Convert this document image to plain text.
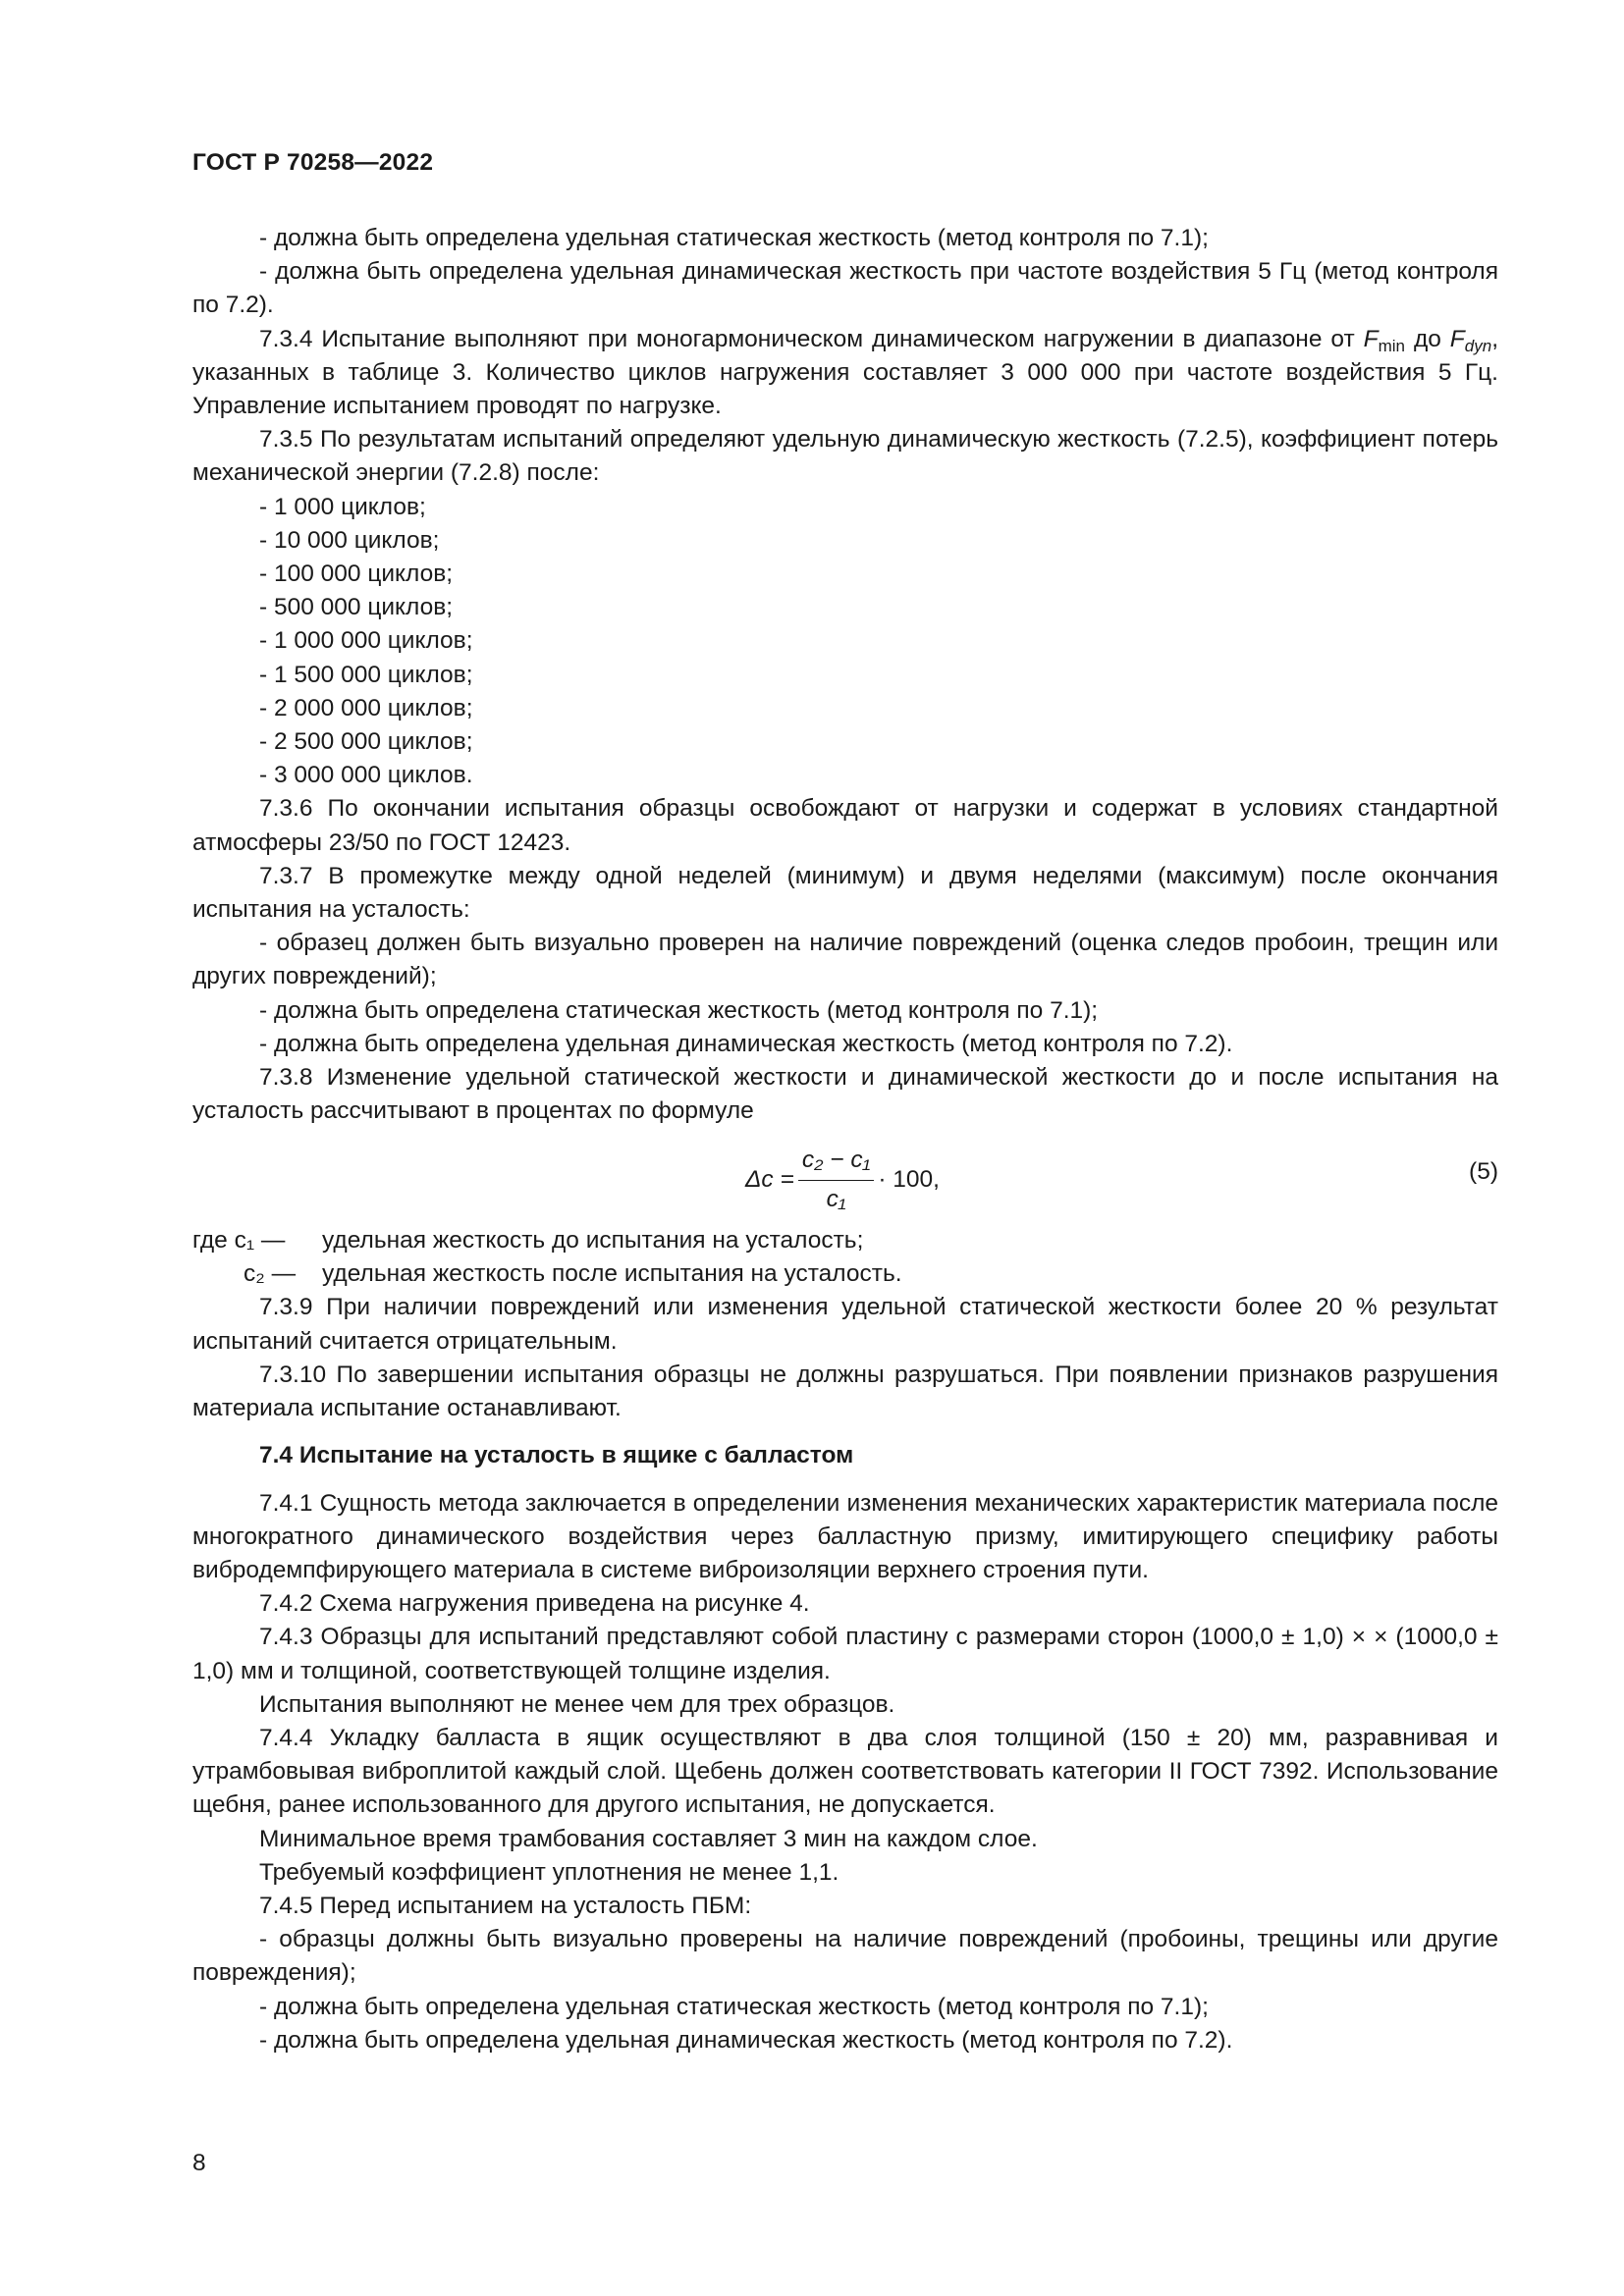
ГОСТ Р 70258—2022

- должна быть определена удельная статическая жесткость (метод контроля по 7.1);

- должна быть определена удельная динамическая жесткость при частоте воздействия 5 Гц (метод контроля по 7.2).

7.3.4 Испытание выполняют при моногармоническом динамическом нагружении в диапазоне от $F_{min}$ до $F_{dyn}$, указанных в таблице 3. Количество циклов нагружения составляет 3 000 000 при частоте воздействия 5 Гц. Управление испытанием проводят по нагрузке.

7.3.5 По результатам испытаний определяют удельную динамическую жесткость (7.2.5), коэффициент потерь механической энергии (7.2.8) после:

- 1 000 циклов;

- 10 000 циклов;

- 100 000 циклов;

- 500 000 циклов;

- 1 000 000 циклов;

- 1 500 000 циклов;

- 2 000 000 циклов;

- 2 500 000 циклов;

- 3 000 000 циклов.

7.3.6 По окончании испытания образцы освобождают от нагрузки и содержат в условиях стандартной атмосферы 23/50 по ГОСТ 12423.

7.3.7 В промежутке между одной неделей (минимум) и двумя неделями (максимум) после окончания испытания на усталость:

- образец должен быть визуально проверен на наличие повреждений (оценка следов пробоин, трещин или других повреждений);

- должна быть определена статическая жесткость (метод контроля по 7.1);

- должна быть определена удельная динамическая жесткость (метод контроля по 7.2).

7.3.8 Изменение удельной статической жесткости и динамической жесткости до и после испытания на усталость рассчитывают в процентах по формуле

$\Delta c = \frac{\text{c₂ − c₁}}{\text{c₁}} \cdot 100$,	(5)
где c₁ — удельная жесткость до испытания на усталость;
c₂ — удельная жесткость после испытания на усталость.

7.3.9 При наличии повреждений или изменения удельной статической жесткости более 20 % результат испытаний считается отрицательным.

7.3.10 По завершении испытания образцы не должны разрушаться. При появлении признаков разрушения материала испытание останавливают.

7.4 Испытание на усталость в ящике с балластом

7.4.1 Сущность метода заключается в определении изменения механических характеристик материала после многократного динамического воздействия через балластную призму, имитирующего специфику работы вибродемпфирующего материала в системе виброизоляции верхнего строения пути.

7.4.2 Схема нагружения приведена на рисунке 4.

7.4.3 Образцы для испытаний представляют собой пластину с размерами сторон (1000,0 ± 1,0) × × (1000,0 ± 1,0) мм и толщиной, соответствующей толщине изделия.

Испытания выполняют не менее чем для трех образцов.

7.4.4 Укладку балласта в ящик осуществляют в два слоя толщиной (150 ± 20) мм, разравнивая и утрамбовывая виброплитой каждый слой. Щебень должен соответствовать категории II ГОСТ 7392. Использование щебня, ранее использованного для другого испытания, не допускается.

Минимальное время трамбования составляет 3 мин на каждом слое.

Требуемый коэффициент уплотнения не менее 1,1.

7.4.5 Перед испытанием на усталость ПБМ:

- образцы должны быть визуально проверены на наличие повреждений (пробоины, трещины или другие повреждения);

- должна быть определена удельная статическая жесткость (метод контроля по 7.1);

- должна быть определена удельная динамическая жесткость (метод контроля по 7.2).

8
